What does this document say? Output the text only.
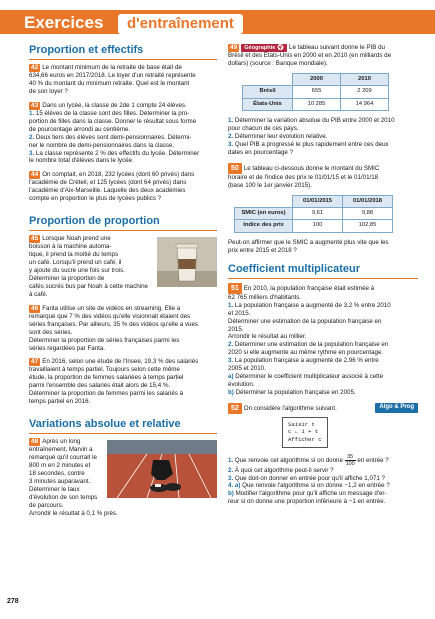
Exercices	d'entraînement
Proportion et effectifs
42 Le montant minimum de la retraite de base était de
634,66 euros en 2017/2018. Le loyer d'un retraité représente
40 % du montant du minimum retraite. Quel est le montant
de son loyer ?
43 Dans un lycée, la classe de 2de 1 compte 24 élèves.
1. 15 élèves de la classe sont des filles. Déterminer la pro-
portion de filles dans la classe. Donner le résultat sous forme
de pourcentage arrondi au centième.
2. Deux tiers des élèves sont demi-pensionnaires. Détermi-
ner le nombre de demi-pensionnaires dans la classe.
3. La classe représente 2 % des effectifs du lycée. Déterminer
le nombre total d'élèves dans le lycée.
44 On comptait, en 2018, 232 lycées (dont 60 privés) dans
l'académie de Créteil, et 125 lycées (dont 64 privés) dans
l'académie d'Aix-Marseille. Laquelle des deux académies
compte en proportion le plus de lycées publics ?
Proportion de proportion
45 Lorsque Noah prend une
boisson à la machine automa-
tique, il prend la moitié du temps
un café. Lorsqu'il prend un café, il
y ajoute du sucre une fois sur trois.
Déterminer la proportion de
cafés sucrés bus par Noah à cette machine à café.
46 Fanta utilise un site de vidéos en streaming. Elle a
remarqué que 7 % des vidéos qu'elle visionnait étaient des
séries françaises. Par ailleurs, 35 % des vidéos qu'elle a vues
sont des séries.
Déterminer la proportion de séries françaises parmi les
séries regardées par Fanta.
47 En 2016, selon une étude de l'Insee, 19,3 % des salariés
travaillaient à temps partiel. Toujours selon cette même
étude, la proportion de femmes salariées à temps partiel
parmi l'ensemble des salariés était alors de 15,4 %.
Déterminer la proportion de femmes parmi les salariés à
temps partiel en 2016.
Variations absolue et relative
48 Après un long
entraînement, Marvin a
remarqué qu'il courrait le
800 m en 2 minutes et
18 secondes, contre
3 minutes auparavant.
Déterminer le taux d'évolution de son temps de parcours.
Arrondir le résultat à 0,1 % près.
49 Géographie 🌍︎ Le tableau suivant donne le PIB du
Brésil et des États-Unis en 2000 et en 2010 (en milliards de
dollars) (source : Banque mondiale).
	2000	2010
Brésil	655	2 209
États-Unis	10 285	14 964
1. Déterminer la variation absolue du PIB entre 2000 et 2010
pour chacun de ces pays.
2. Déterminer leur évolution relative.
3. Quel PIB a progressé le plus rapidement entre ces deux
dates en pourcentage ?
50 Le tableau ci-dessous donne le montant du SMIC
horaire et de l'indice des prix le 01/01/15 et le 01/01/18
(base 100 le 1er janvier 2015).
	01/01/2015	01/01/2018
SMIC (en euros)	9,61	9,88
Indice des prix	100	102,85
Peut-on affirmer que le SMIC a augmenté plus vite que les
prix entre 2015 et 2018 ?
Coefficient multiplicateur
51 En 2010, la population française était estimée à
62 765 milliers d'habitants.
1. La population française a augmenté de 3,2 % entre 2010
et 2015.
Déterminer une estimation de la population française en
2015.
Arrondir le résultat au millier.
2. Déterminer une estimation de la population française en
2020 si elle augmente au même rythme en pourcentage.
3. La population française a augmenté de 2,96 % entre
2005 et 2010.
a) Déterminer le coefficient multiplicateur associé à cette
évolution.
b) Déterminer la population française en 2005.
52 On considère l'algorithme suivant.	Algo & Prog
Saisir t
c ← 1 + t
Afficher c
1. Que renvoie cet algorithme si on donne $\frac{35}{100}$ en entrée ?
2. À quoi cet algorithme peut-il servir ?
3. Que doit-on donner en entrée pour qu'il affiche 1,071 ?
4. a) Que renvoie l'algorithme si on donne −1,2 en entrée ?
b) Modifier l'algorithme pour qu'il affiche un message d'er-
reur si on donne une proportion inférieure à −1 en entrée.
278
